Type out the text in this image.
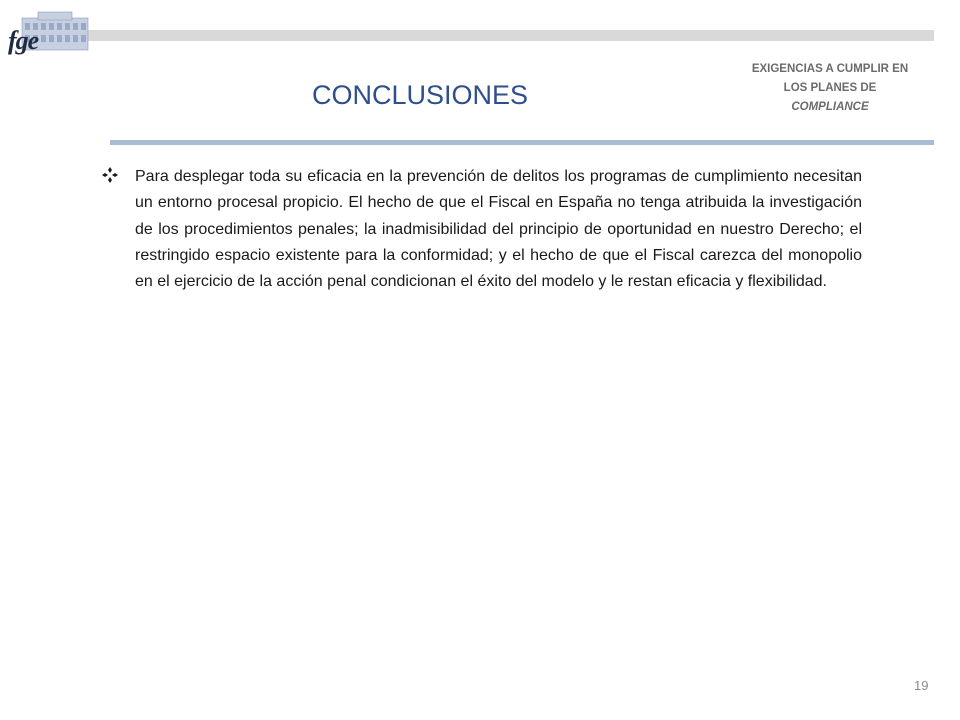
fge
CONCLUSIONES
EXIGENCIAS A CUMPLIR EN
LOS PLANES DE
COMPLIANCE
Para desplegar toda su eficacia en la prevención de delitos los programas de cumplimiento necesitan un entorno procesal propicio. El hecho de que el Fiscal en España no tenga atribuida la investigación de los procedimientos penales; la inadmisibilidad del principio de oportunidad en nuestro Derecho; el restringido espacio existente para la conformidad; y el hecho de que el Fiscal carezca del monopolio en el ejercicio de la acción penal condicionan el éxito del modelo y le restan eficacia y flexibilidad.
19
